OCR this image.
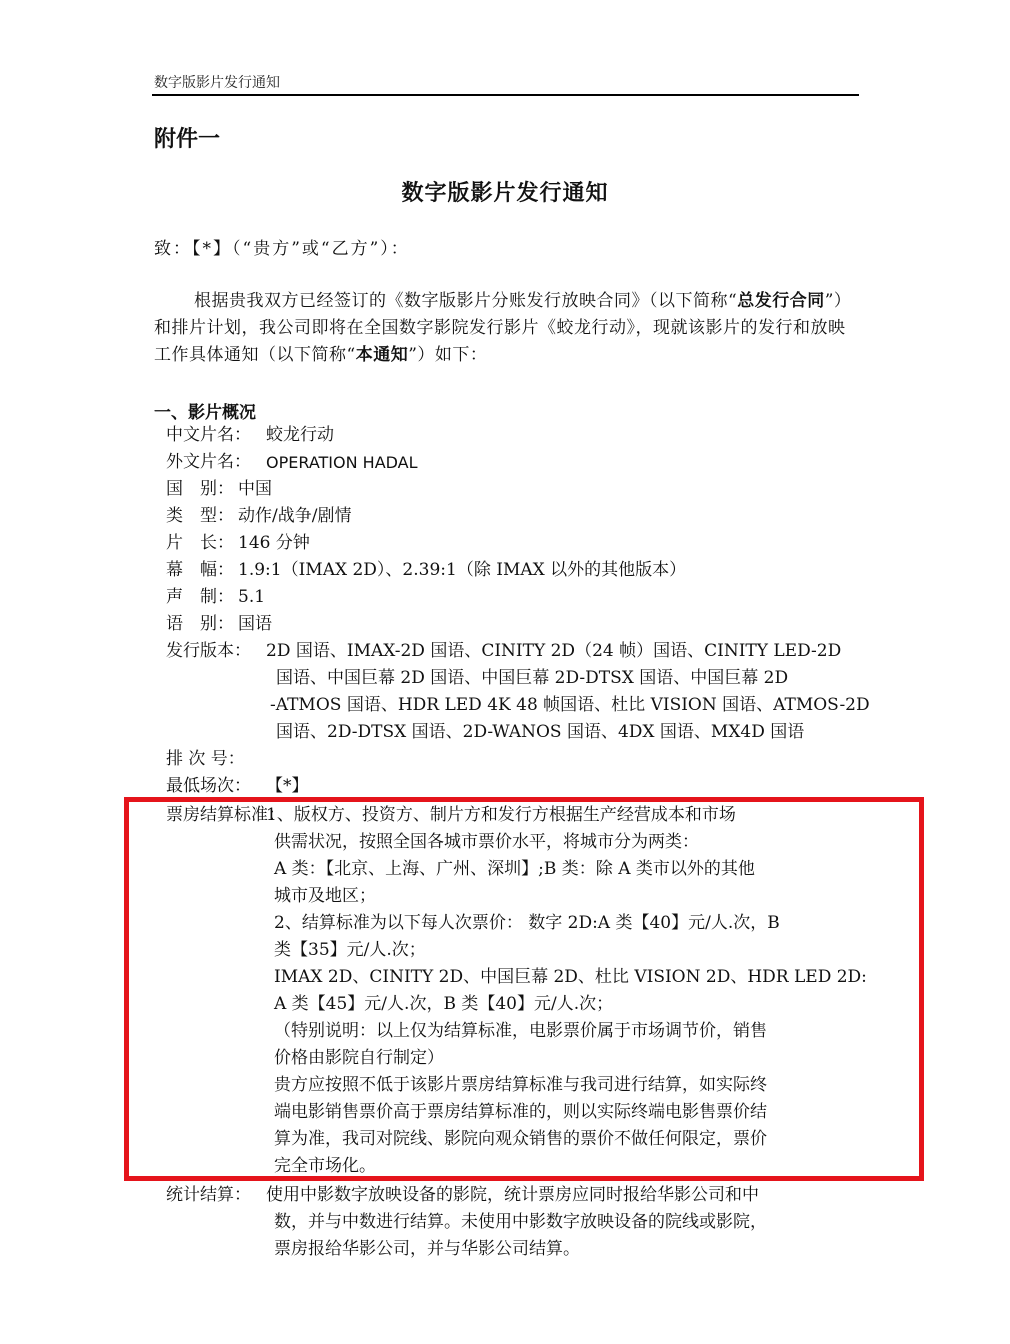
数字版影片发行通知
附件一
数字版影片发行通知
致：【*】（“贵方”或“乙方”）：
根据贵我双方已经签订的《数字版影片分账发行放映合同》（以下简称“总发行合同”）和排片计划，我公司即将在全国数字影院发行影片《蛟龙行动》，现就该影片的发行和放映工作具体通知（以下简称“本通知”）如下：
一、影片概况
中文片名： 蛟龙行动
外文片名： OPERATION HADAL
国　别： 中国
类　型： 动作/战争/剧情
片　长： 146 分钟
幕　幅： 1.9:1（IMAX 2D）、2.39:1（除 IMAX 以外的其他版本）
声　制： 5.1
语　别： 国语
发行版本： 2D 国语、IMAX-2D 国语、CINITY 2D（24 帧）国语、CINITY LED-2D
国语、中国巨幕 2D 国语、中国巨幕 2D-DTSX 国语、中国巨幕 2D
-ATMOS 国语、HDR LED 4K 48 帧国语、杜比 VISION 国语、ATMOS-2D
国语、2D-DTSX 国语、2D-WANOS 国语、4DX 国语、MX4D 国语
排 次 号：
最低场次： 【*】
票房结算标准：
1、版权方、投资方、制片方和发行方根据生产经营成本和市场
供需状况，按照全国各城市票价水平，将城市分为两类：
A 类：【北京、上海、广州、深圳】;B 类：除 A 类市以外的其他
城市及地区；
2、结算标准为以下每人次票价： 数字 2D:A 类【40】元/人.次，B
类【35】元/人.次；
IMAX 2D、CINITY 2D、中国巨幕 2D、杜比 VISION 2D、HDR LED 2D:
A 类【45】元/人.次，B 类【40】元/人.次；
（特别说明：以上仅为结算标准，电影票价属于市场调节价，销售
价格由影院自行制定）
贵方应按照不低于该影片票房结算标准与我司进行结算，如实际终
端电影销售票价高于票房结算标准的，则以实际终端电影售票价结
算为准，我司对院线、影院向观众销售的票价不做任何限定，票价
完全市场化。
统计结算： 使用中影数字放映设备的影院，统计票房应同时报给华影公司和中
数，并与中数进行结算。未使用中影数字放映设备的院线或影院，
票房报给华影公司，并与华影公司结算。
